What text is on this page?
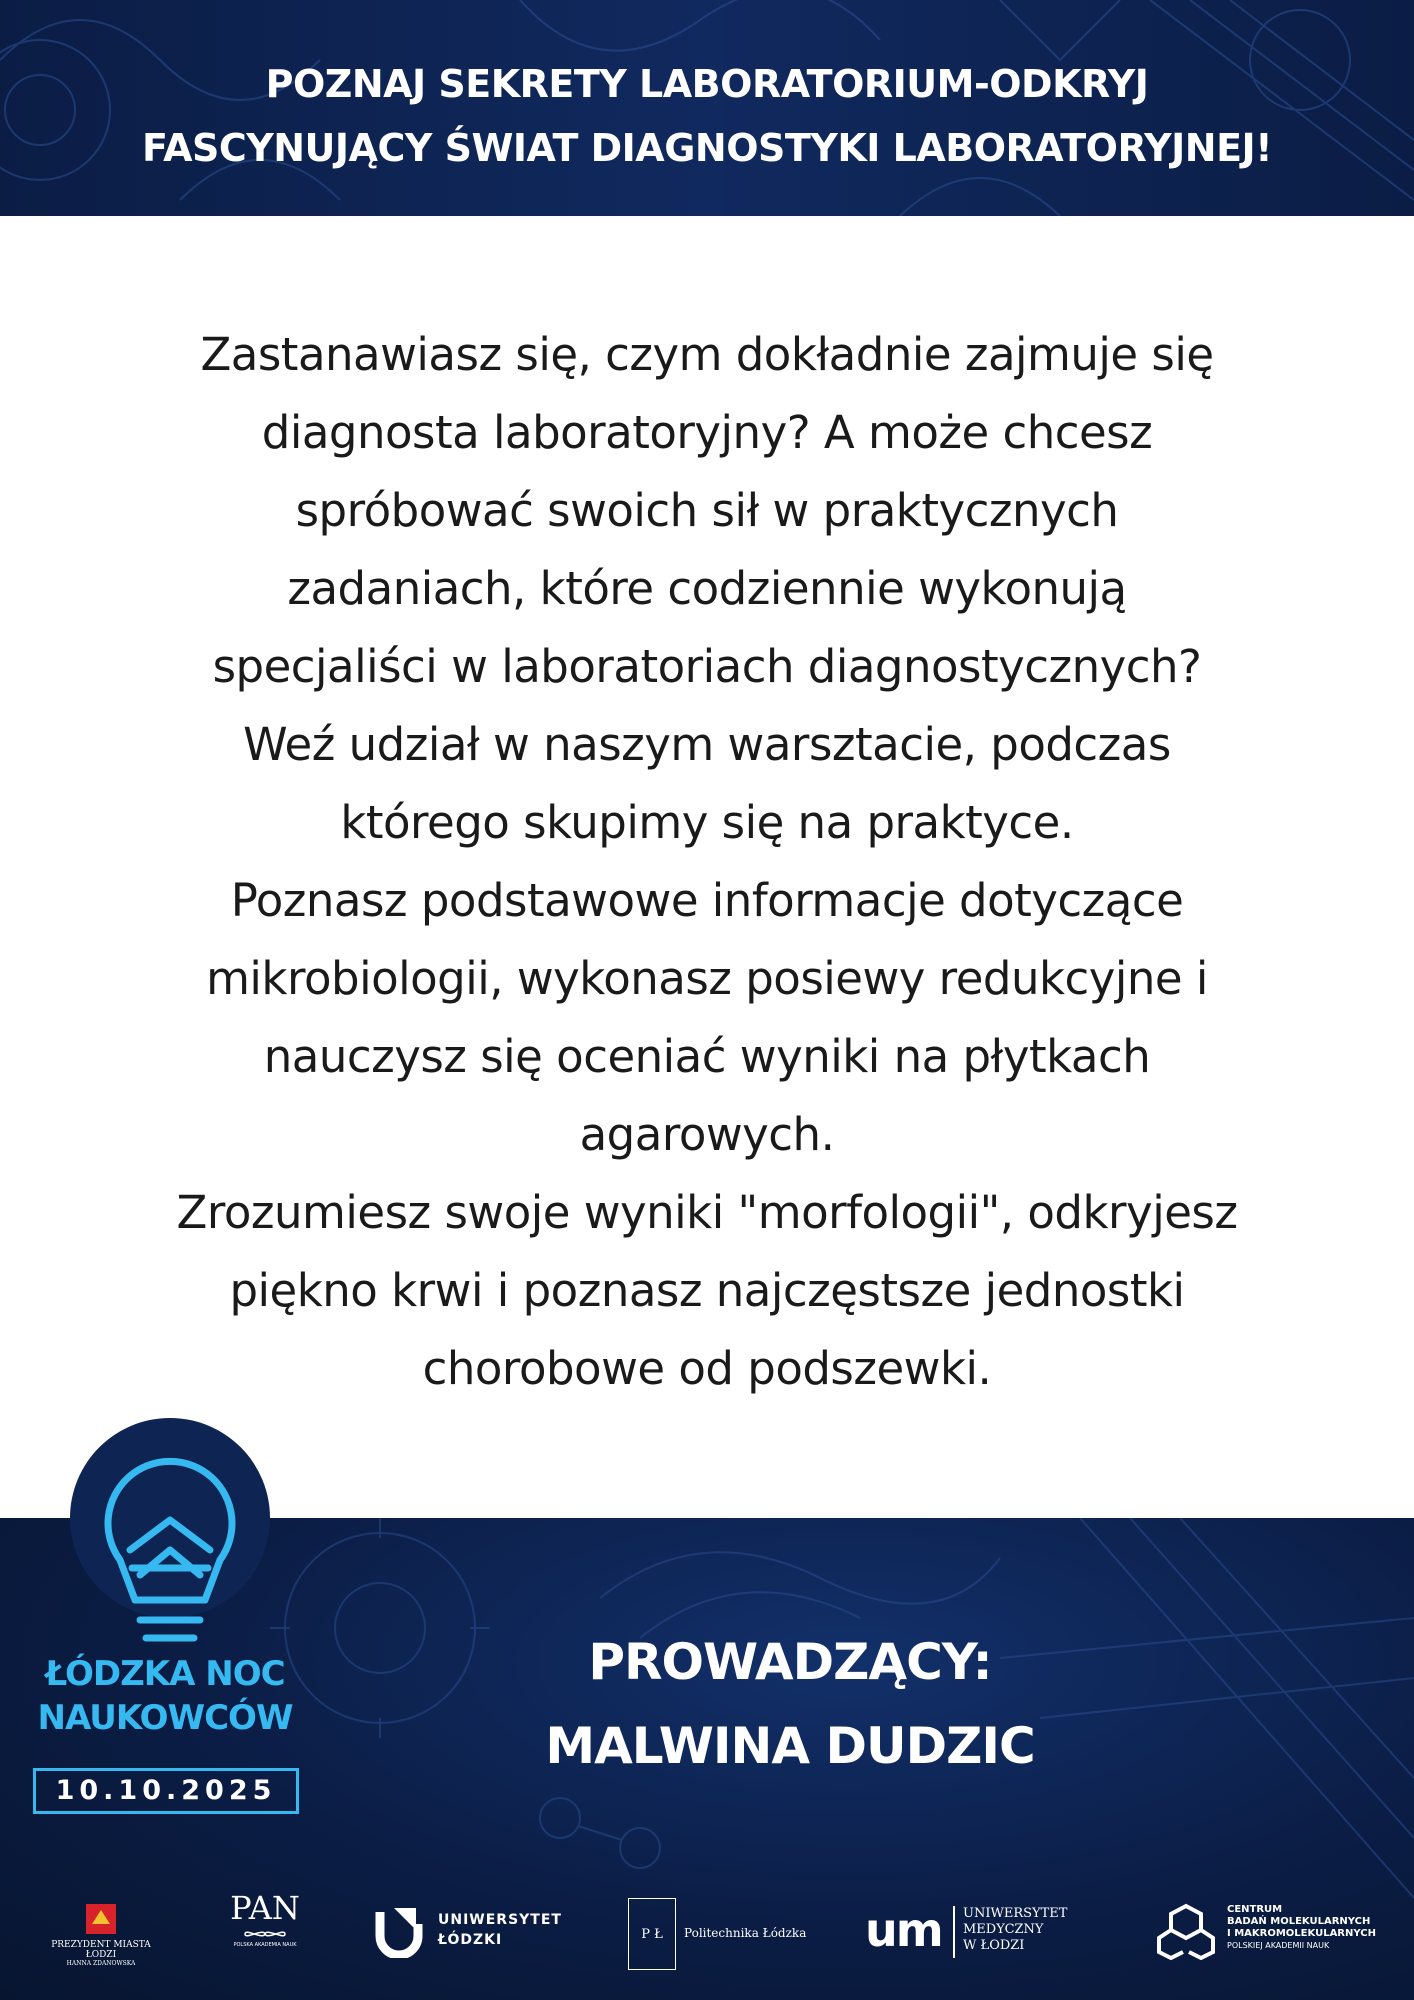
POZNAJ SEKRETY LABORATORIUM-ODKRYJ
FASCYNUJĄCY ŚWIAT DIAGNOSTYKI LABORATORYJNEJ!
Zastanawiasz się, czym dokładnie zajmuje się
diagnosta laboratoryjny? A może chcesz
spróbować swoich sił w praktycznych
zadaniach, które codziennie wykonują
specjaliści w laboratoriach diagnostycznych?
Weź udział w naszym warsztacie, podczas
którego skupimy się na praktyce.
Poznasz podstawowe informacje dotyczące
mikrobiologii, wykonasz posiewy redukcyjne i
nauczysz się oceniać wyniki na płytkach
agarowych.
Zrozumiesz swoje wyniki "morfologii", odkryjesz
piękno krwi i poznasz najczęstsze jednostki
chorobowe od podszewki.
ŁÓDZKA NOC
NAUKOWCÓW
10.10.2025
PROWADZĄCY:
MALWINA DUDZIC
PREZYDENT MIASTA ŁODZI
HANNA ZDANOWSKA
PAN
POLSKA AKADEMIA NAUK
UNIWERSYTET
ŁÓDZKI	P Ł	Politechnika Łódzka um UNIWERSYTET
MEDYCZNY
W ŁODZI
CENTRUM
BADAŃ MOLEKULARNYCH
I MAKROMOLEKULARNYCH
POLSKIEJ AKADEMII NAUK
